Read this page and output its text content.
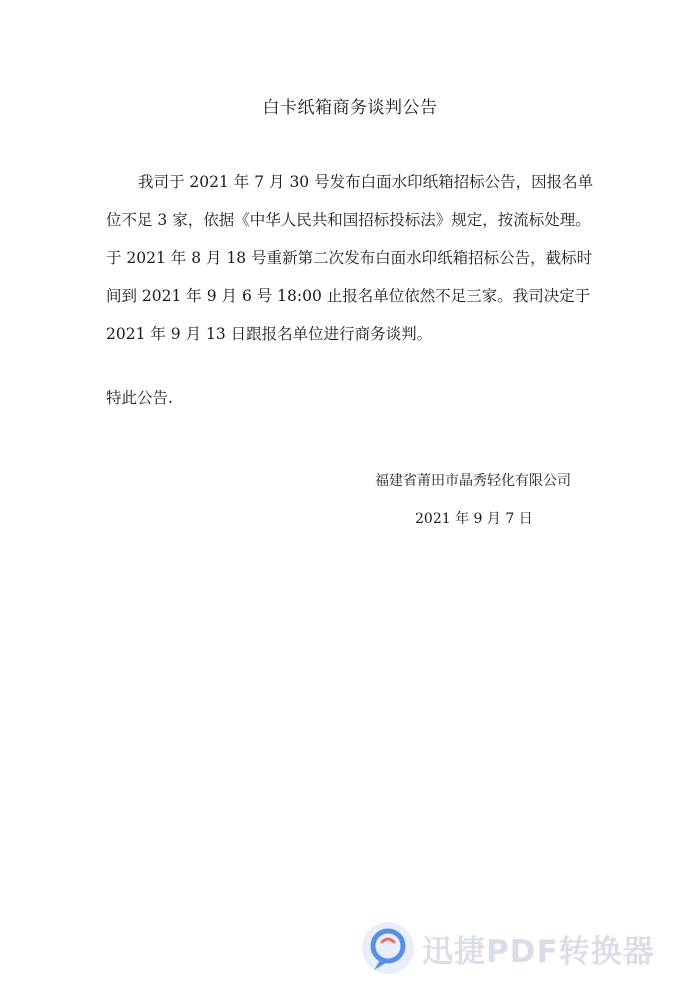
白卡纸箱商务谈判公告
我司于 2021 年 7 月 30 号发布白面水印纸箱招标公告，因报名单
位不足 3 家，依据《中华人民共和国招标投标法》规定，按流标处理。
于 2021 年 8 月 18 号重新第二次发布白面水印纸箱招标公告，截标时
间到 2021 年 9 月 6 号 18:00 止报名单位依然不足三家。我司决定于
2021 年 9 月 13 日跟报名单位进行商务谈判。
特此公告.
福建省莆田市晶秀轻化有限公司
2021 年 9 月 7 日
迅捷PDF转换器
